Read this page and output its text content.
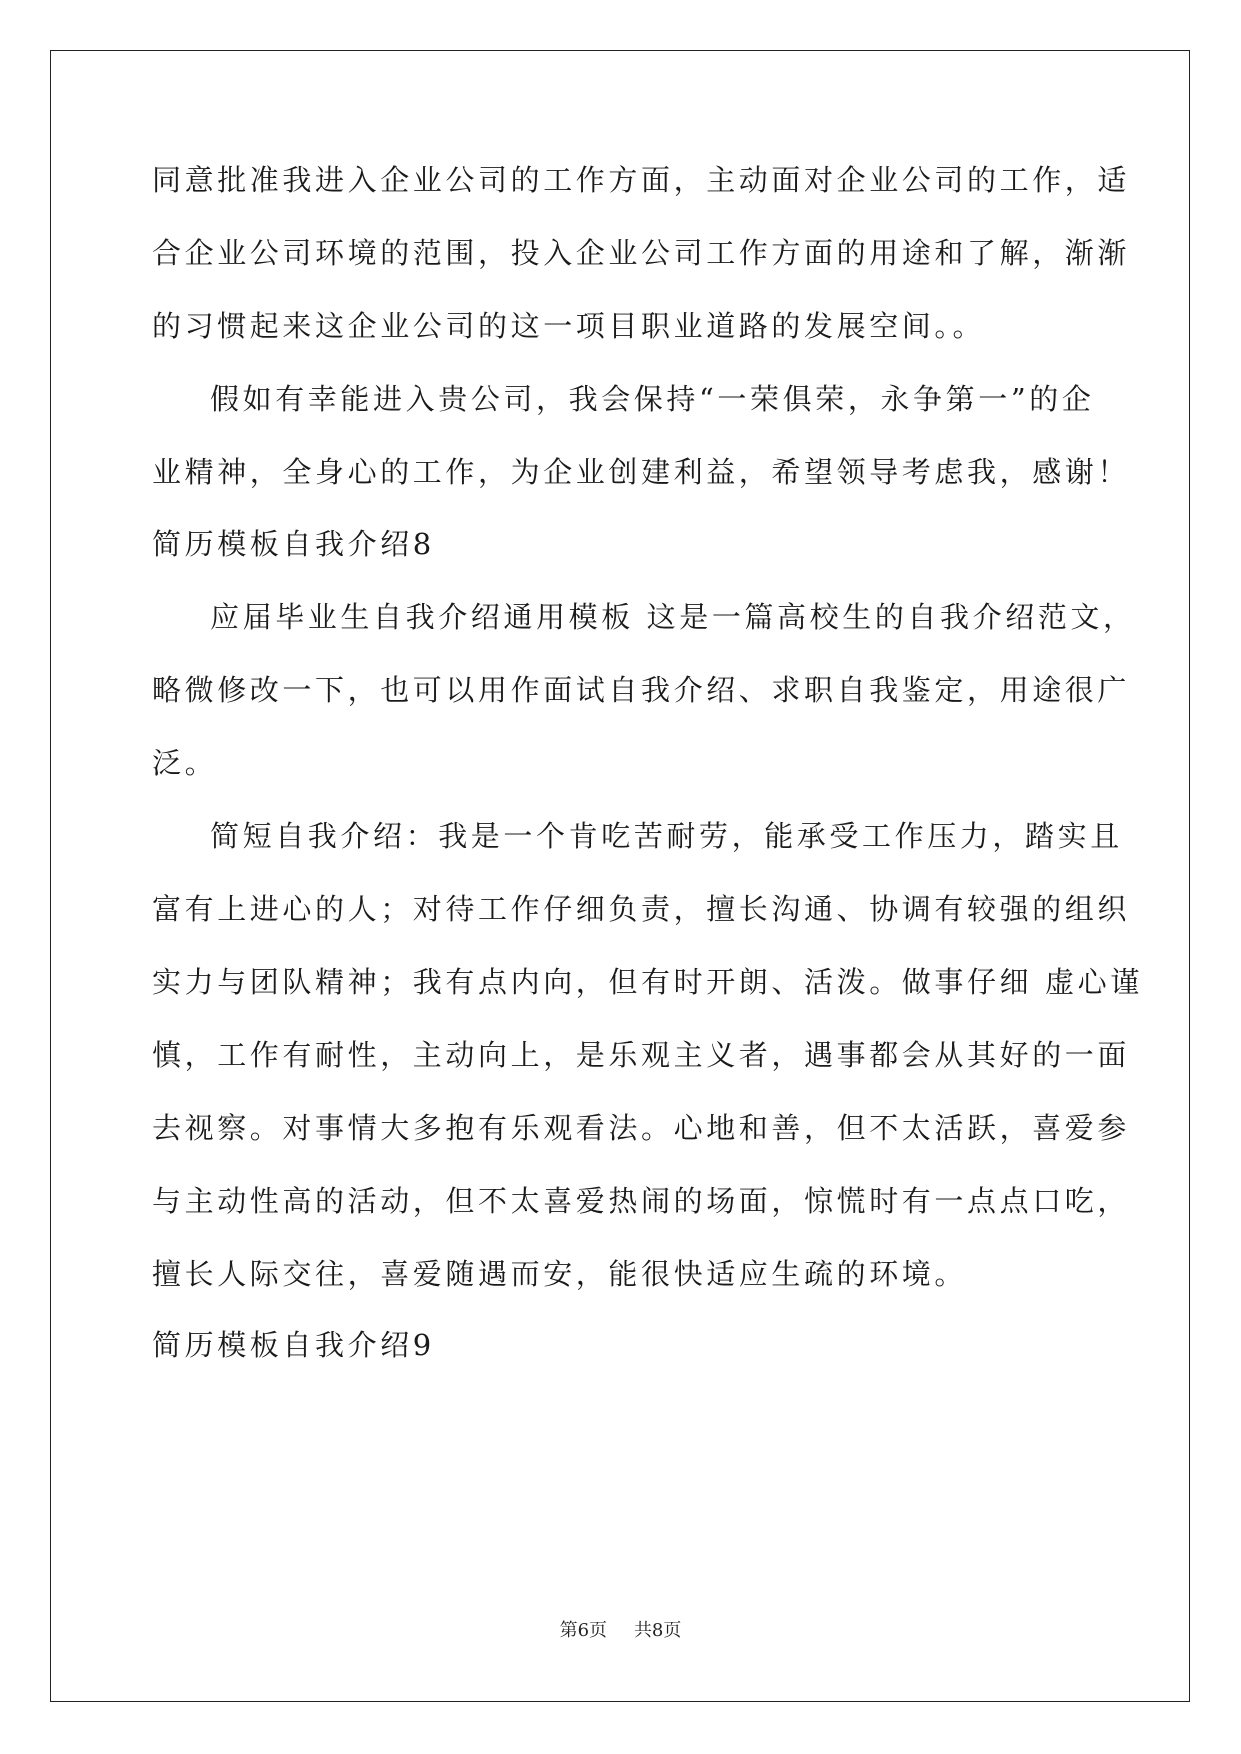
同意批准我进入企业公司的工作方面，主动面对企业公司的工作，适
合企业公司环境的范围，投入企业公司工作方面的用途和了解，渐渐
的习惯起来这企业公司的这一项目职业道路的发展空间。。
假如有幸能进入贵公司，我会保持“一荣俱荣，永争第一”的企
业精神，全身心的工作，为企业创建利益，希望领导考虑我，感谢！
简历模板自我介绍8
应届毕业生自我介绍通用模板 这是一篇高校生的自我介绍范文，
略微修改一下，也可以用作面试自我介绍、求职自我鉴定，用途很广
泛。
简短自我介绍：我是一个肯吃苦耐劳，能承受工作压力，踏实且
富有上进心的人；对待工作仔细负责，擅长沟通、协调有较强的组织
实力与团队精神；我有点内向，但有时开朗、活泼。做事仔细 虚心谨
慎，工作有耐性，主动向上，是乐观主义者，遇事都会从其好的一面
去视察。对事情大多抱有乐观看法。心地和善，但不太活跃，喜爱参
与主动性高的活动，但不太喜爱热闹的场面，惊慌时有一点点口吃，
擅长人际交往，喜爱随遇而安，能很快适应生疏的环境。
简历模板自我介绍9
第6页 共8页
